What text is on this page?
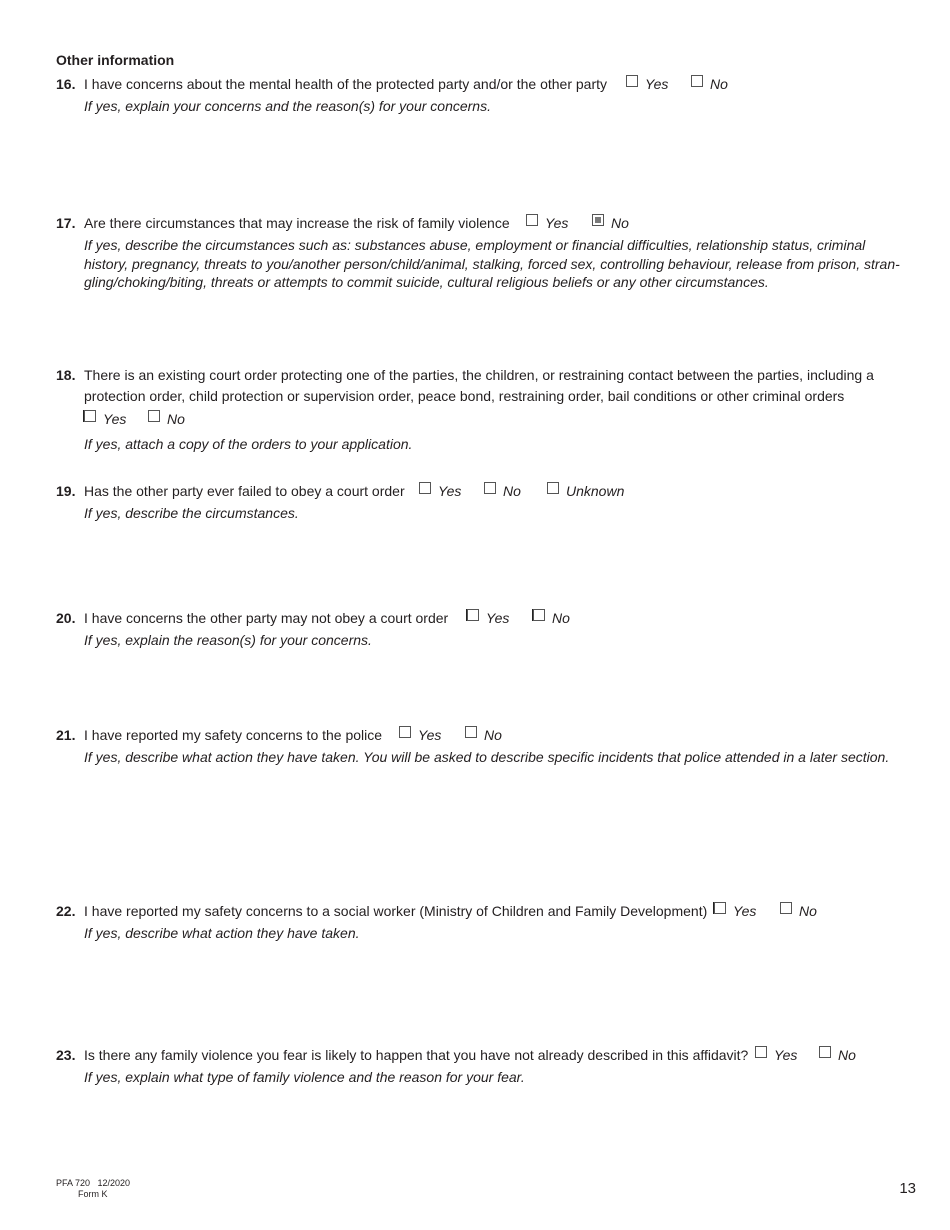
Other information
16. I have concerns about the mental health of the protected party and/or the other party	Yes	No
If yes, explain your concerns and the reason(s) for your concerns.
17. Are there circumstances that may increase the risk of family violence	Yes	No
If yes, describe the circumstances such as: substances abuse, employment or financial difficulties, relationship status, criminal
history, pregnancy, threats to you/another person/child/animal, stalking, forced sex, controlling behaviour, release from prison, stran-
gling/choking/biting, threats or attempts to commit suicide, cultural religious beliefs or any other circumstances.
18. There is an existing court order protecting one of the parties, the children, or restraining contact between the parties, including a
protection order, child protection or supervision order, peace bond, restraining order, bail conditions or other criminal orders
Yes	No
If yes, attach a copy of the orders to your application.
19. Has the other party ever failed to obey a court order Yes	No	Unknown
If yes, describe the circumstances.
20. I have concerns the other party may not obey a court order	Yes	No
If yes, explain the reason(s) for your concerns.
21. I have reported my safety concerns to the police	Yes	No
If yes, describe what action they have taken. You will be asked to describe specific incidents that police attended in a later section.
22. I have reported my safety concerns to a social worker (Ministry of Children and Family Development) Yes	No
If yes, describe what action they have taken.
23. Is there any family violence you fear is likely to happen that you have not already described in this affidavit? Yes	No
If yes, explain what type of family violence and the reason for your fear.
PFA 720   12/2020
Form K	13
